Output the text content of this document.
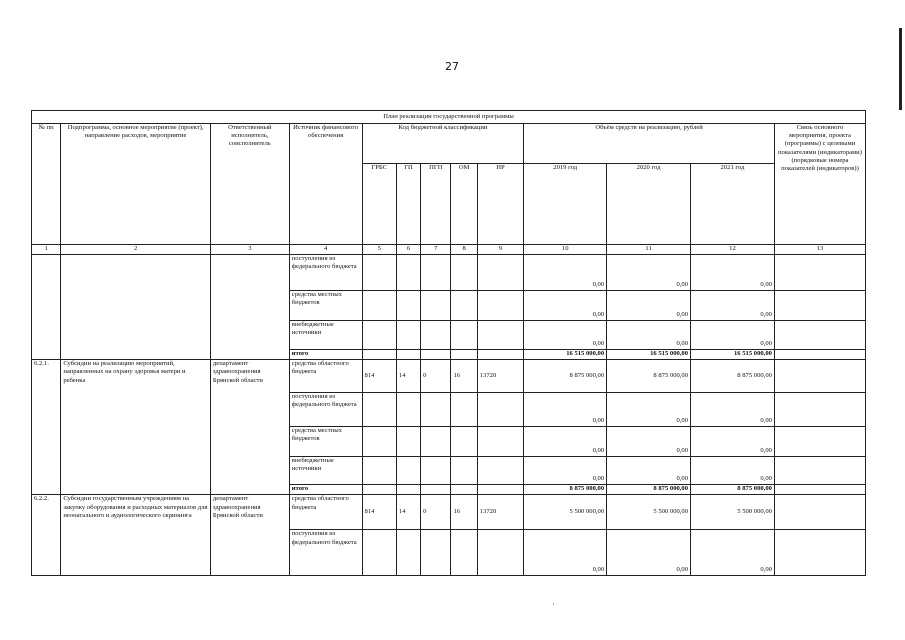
27
План реализации государственной программы												
№ пп	Подпрограмма, основное мероприятие (проект), направление расходов, мероприятие	Ответственный исполнитель, соисполнитель	Источник финансового обеспечения	Код бюджетной классификации					Объём средств на реализацию, рублей			Связь основного мероприятия, проекта (программы) с целевыми показателями (индикаторами) (порядковые номера показателей (индикаторов))
				ГРБС	ГП	ПГП	ОМ	НР	2019 год	2020 год	2021 год	
1	2	3	4	5	6	7	8	9	10	11	12	13
			поступления из федерального бюджета						0,00	0,00	0,00	
			средства местных бюджетов						0,00	0,00	0,00	
			внебюджетные источники						0,00	0,00	0,00	
			итого						16 515 000,00	16 515 000,00	16 515 000,00	
6.2.1.	Субсидии на реализацию мероприятий, направленных на охрану здоровья матери и ребенка	департамент здравоохранения Брянской области	средства областного бюджета	814	14	0	16	13720	8 875 000,00	8 875 000,00	8 875 000,00	
			поступления из федерального бюджета						0,00	0,00	0,00	
			средства местных бюджетов						0,00	0,00	0,00	
			внебюджетные источники						0,00	0,00	0,00	
			итого						8 875 000,00	8 875 000,00	8 875 000,00	
6.2.2.	Субсидии государственным учреждениям на закупку оборудования и расходных материалов для неонатального и аудиологического скрининга	департамент здравоохранения Брянской области	средства областного бюджета	814	14	0	16	13720	5 500 000,00	5 500 000,00	5 500 000,00	
			поступления из федерального бюджета						0,00	0,00	0,00	
